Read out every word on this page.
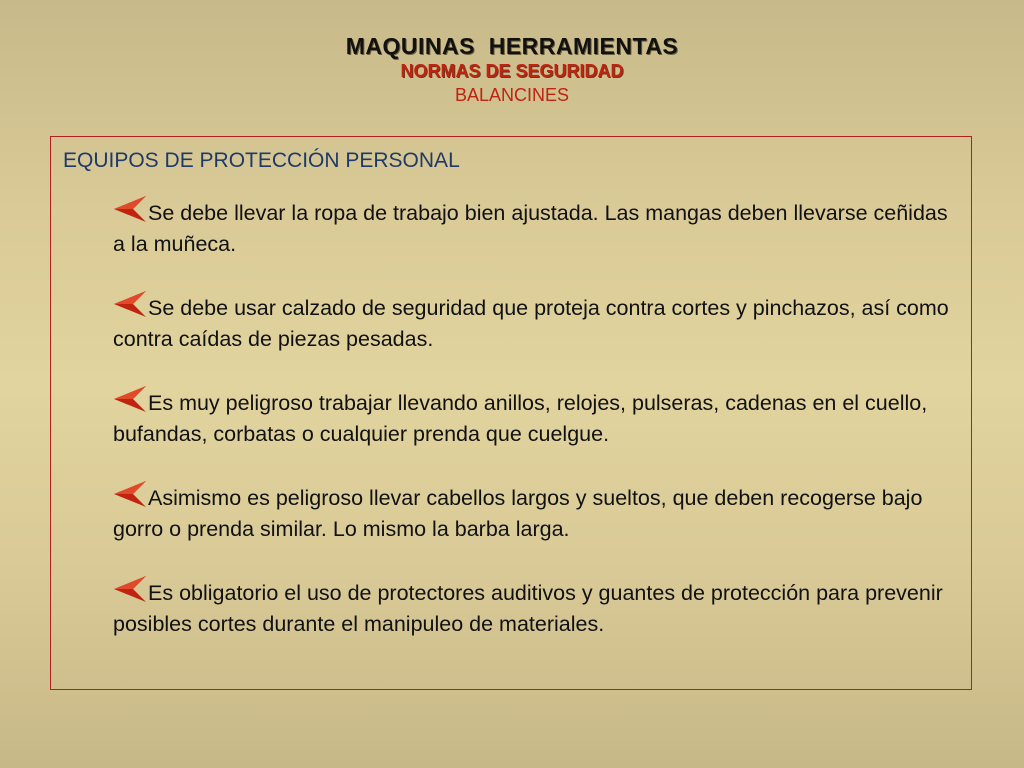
MAQUINAS  HERRAMIENTAS
NORMAS DE SEGURIDAD
BALANCINES
EQUIPOS DE PROTECCIÓN PERSONAL
Se debe llevar la ropa de trabajo bien ajustada. Las mangas deben llevarse ceñidas a la muñeca.
Se debe usar calzado de seguridad que proteja contra cortes y pinchazos, así como contra caídas de piezas pesadas.
Es muy peligroso trabajar llevando anillos, relojes, pulseras, cadenas en el cuello, bufandas, corbatas o cualquier prenda que cuelgue.
Asimismo es peligroso llevar cabellos largos y sueltos, que deben recogerse bajo gorro o prenda similar. Lo mismo la barba larga.
Es obligatorio el uso de protectores auditivos y guantes de protección para prevenir posibles cortes durante el manipuleo de materiales.
